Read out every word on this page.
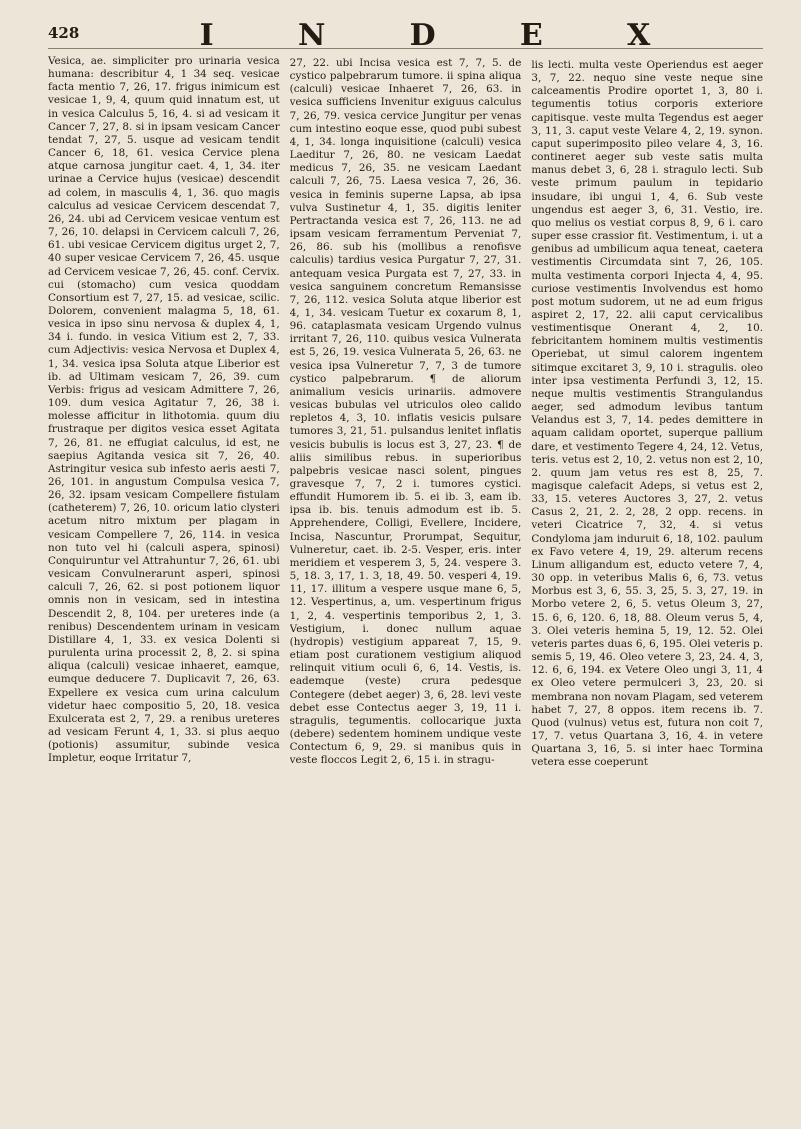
428	I	N	D	E	X

Vesica, ae. simpliciter pro urinaria vesica humana: describitur 4, 1 34 seq. vesicae facta mentio 7, 26, 17. frigus inimicum est vesicae 1, 9, 4, quum quid innatum est, ut in vesica Calculus 5, 16, 4. si ad vesicam it Cancer 7, 27, 8. si in ipsam vesicam Cancer tendat 7, 27, 5. usque ad vesicam tendit Cancer 6, 18, 61. vesica Cervice plena atque carnosa jungitur caet. 4, 1, 34. iter urinae a Cervice hujus (vesicae) descendit ad colem, in masculis 4, 1, 36. quo magis calculus ad vesicae Cervicem descendat 7, 26, 24. ubi ad Cervicem vesicae ventum est 7, 26, 10. delapsi in Cervicem calculi 7, 26, 61. ubi vesicae Cervicem digitus urget 2, 7, 40 super vesicae Cervicem 7, 26, 45. usque ad Cervicem vesicae 7, 26, 45. conf. Cervix. cui (stomacho) cum vesica quoddam Consortium est 7, 27, 15. ad vesicae, scilic. Dolorem, convenient malagma 5, 18, 61. vesica in ipso sinu nervosa & duplex 4, 1, 34 i. fundo. in vesica Vitium est 2, 7, 33. cum Adjectivis: vesica Nervosa et Duplex 4, 1, 34. vesica ipsa Soluta atque Liberior est ib. ad Ultimam vesicam 7, 26, 39. cum Verbis: frigus ad vesicam Admittere 7, 26, 109. dum vesica Agitatur 7, 26, 38 i. molesse afficitur in lithotomia. quum diu frustraque per digitos vesica esset Agitata 7, 26, 81. ne effugiat calculus, id est, ne saepius Agitanda vesica sit 7, 26, 40. Astringitur vesica sub infesto aeris aesti 7, 26, 101. in angustum Compulsa vesica 7, 26, 32. ipsam vesicam Compellere fistulam (catheterem) 7, 26, 10. oricum latio clysteri acetum nitro mixtum per plagam in vesicam Compellere 7, 26, 114. in vesica non tuto vel hi (calculi aspera, spinosi) Conquiruntur vel Attrahuntur 7, 26, 61. ubi vesicam Convulnerarunt asperi, spinosi calculi 7, 26, 62. si post potionem liquor omnis non in vesicam, sed in intestina Descendit 2, 8, 104. per ureteres inde (a renibus) Descendentem urinam in vesicam Distillare 4, 1, 33. ex vesica Dolenti si purulenta urina processit 2, 8, 2. si spina aliqua (calculi) vesicae inhaeret, eamque, eumque deducere 7. Duplicavit 7, 26, 63. Expellere ex vesica cum urina calculum videtur haec compositio 5, 20, 18. vesica Exulcerata est 2, 7, 29. a renibus ureteres ad vesicam Ferunt 4, 1, 33. si plus aequo (potionis) assumitur, subinde vesica Impletur, eoque Irritatur 7,

27, 22. ubi Incisa vesica est 7, 7, 5. de cystico palpebrarum tumore. ii spina aliqua (calculi) vesicae Inhaeret 7, 26, 63. in vesica sufficiens Invenitur exiguus calculus 7, 26, 79. vesica cervice Jungitur per venas cum intestino eoque esse, quod pubi subest 4, 1, 34. longa inquisitione (calculi) vesica Laeditur 7, 26, 80. ne vesicam Laedat medicus 7, 26, 35. ne vesicam Laedant calculi 7, 26, 75. Laesa vesica 7, 26, 36. vesica in feminis superne Lapsa, ab ipsa vulva Sustinetur 4, 1, 35. digitis leniter Pertractanda vesica est 7, 26, 113. ne ad ipsam vesicam ferramentum Perveniat 7, 26, 86. sub his (mollibus a renofisve calculis) tardius vesica Purgatur 7, 27, 31. antequam vesica Purgata est 7, 27, 33. in vesica sanguinem concretum Remansisse 7, 26, 112. vesica Soluta atque liberior est 4, 1, 34. vesicam Tuetur ex coxarum 8, 1, 96. cataplasmata vesicam Urgendo vulnus irritant 7, 26, 110. quibus vesica Vulnerata est 5, 26, 19. vesica Vulnerata 5, 26, 63. ne vesica ipsa Vulneretur 7, 7, 3 de tumore cystico palpebrarum. ¶ de aliorum animalium vesicis urinariis. admovere vesicas bubulas vel utriculos oleo calido repletos 4, 3, 10. inflatis vesicis pulsare tumores 3, 21, 51. pulsandus lenitet inflatis vesicis bubulis is locus est 3, 27, 23. ¶ de aliis similibus rebus. in superioribus palpebris vesicae nasci solent, pingues gravesque 7, 7, 2 i. tumores cystici. effundit Humorem ib. 5. ei ib. 3, eam ib. ipsa ib. bis. tenuis admodum est ib. 5. Apprehendere, Colligi, Evellere, Incidere, Incisa, Nascuntur, Prorumpat, Sequitur, Vulneretur, caet. ib. 2-5. Vesper, eris. inter meridiem et vesperem 3, 5, 24. vespere 3. 5, 18. 3, 17, 1. 3, 18, 49. 50. vesperi 4, 19. 11, 17. illitum a vespere usque mane 6, 5, 12. Vespertinus, a, um. vespertinum frigus 1, 2, 4. vespertinis temporibus 2, 1, 3. Vestigium, i. donec nullum aquae (hydropis) vestigium appareat 7, 15, 9. etiam post curationem vestigium aliquod relinquit vitium oculi 6, 6, 14. Vestis, is. eademque (veste) crura pedesque Contegere (debet aeger) 3, 6, 28. levi veste debet esse Contectus aeger 3, 19, 11 i. stragulis, tegumentis. collocarique juxta (debere) sedentem hominem undique veste Contectum 6, 9, 29. si manibus quis in veste floccos Legit 2, 6, 15 i. in stragu-

lis lecti. multa veste Operiendus est aeger 3, 7, 22. nequo sine veste neque sine calceamentis Prodire oportet 1, 3, 80 i. tegumentis totius corporis exteriore capitisque. veste multa Tegendus est aeger 3, 11, 3. caput veste Velare 4, 2, 19. synon. caput superimposito pileo velare 4, 3, 16. contineret aeger sub veste satis multa manus debet 3, 6, 28 i. stragulo lecti. Sub veste primum paulum in tepidario insudare, ibi ungui 1, 4, 6. Sub veste ungendus est aeger 3, 6, 31. Vestio, ire. quo melius os vestiat corpus 8, 9, 6 i. caro super esse crassior fit. Vestimentum, i. ut a genibus ad umbilicum aqua teneat, caetera vestimentis Circumdata sint 7, 26, 105. multa vestimenta corpori Injecta 4, 4, 95. curiose vestimentis Involvendus est homo post motum sudorem, ut ne ad eum frigus aspiret 2, 17, 22. alii caput cervicalibus vestimentisque Onerant 4, 2, 10. febricitantem hominem multis vestimentis Operiebat, ut simul calorem ingentem sitimque excitaret 3, 9, 10 i. stragulis. oleo inter ipsa vestimenta Perfundi 3, 12, 15. neque multis vestimentis Strangulandus aeger, sed admodum levibus tantum Velandus est 3, 7, 14. pedes demittere in aquam calidam oportet, superque pallium dare, et vestimento Tegere 4, 24, 12. Vetus, teris. vetus est 2, 10, 2. vetus non est 2, 10, 2. quum jam vetus res est 8, 25, 7. magisque calefacit Adeps, si vetus est 2, 33, 15. veteres Auctores 3, 27, 2. vetus Casus 2, 21, 2. 2, 28, 2 opp. recens. in veteri Cicatrice 7, 32, 4. si vetus Condyloma jam induruit 6, 18, 102. paulum ex Favo vetere 4, 19, 29. alterum recens Linum alligandum est, educto vetere 7, 4, 30 opp. in veteribus Malis 6, 6, 73. vetus Morbus est 3, 6, 55. 3, 25, 5. 3, 27, 19. in Morbo vetere 2, 6, 5. vetus Oleum 3, 27, 15. 6, 6, 120. 6, 18, 88. Oleum verus 5, 4, 3. Olei veteris hemina 5, 19, 12. 52. Olei veteris partes duas 6, 6, 195. Olei veteris p. semis 5, 19, 46. Oleo vetere 3, 23, 24. 4, 3, 12. 6, 6, 194. ex Vetere Oleo ungi 3, 11, 4 ex Oleo vetere permulceri 3, 23, 20. si membrana non novam Plagam, sed veterem habet 7, 27, 8 oppos. item recens ib. 7. Quod (vulnus) vetus est, futura non coit 7, 17, 7. vetus Quartana 3, 16, 4. in vetere Quartana 3, 16, 5. si inter haec Tormina vetera esse coeperunt
